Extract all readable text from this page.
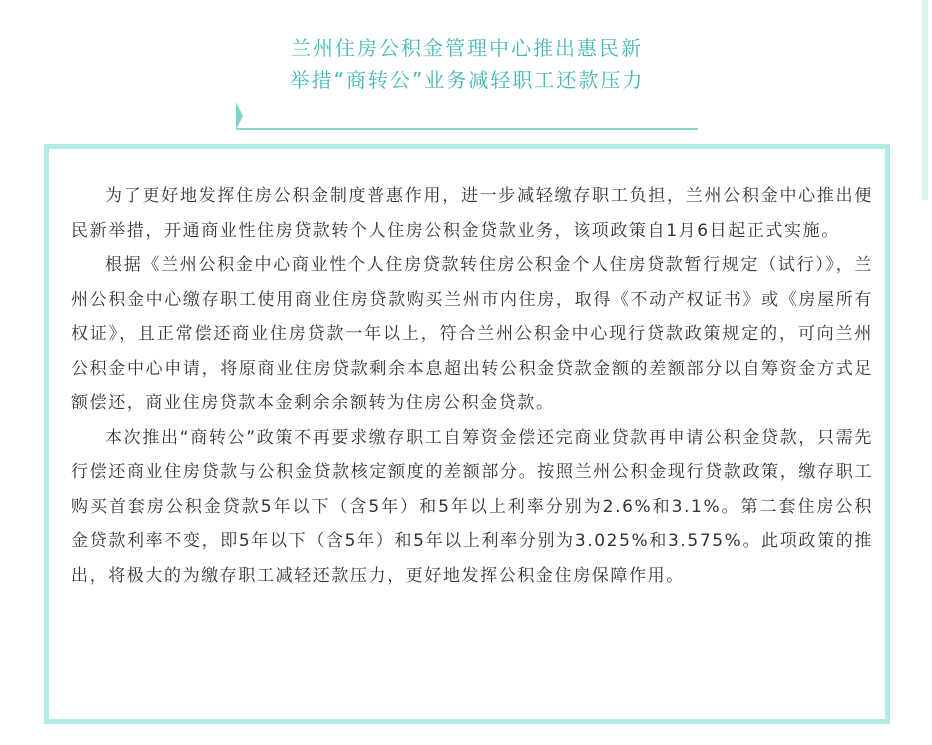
兰州住房公积金管理中心推出惠民新
举措“商转公”业务减轻职工还款压力

为了更好地发挥住房公积金制度普惠作用，进一步减轻缴存职工负担，兰州公积金中心推出便民新举措，开通商业性住房贷款转个人住房公积金贷款业务，该项政策自1月6日起正式实施。

根据《兰州公积金中心商业性个人住房贷款转住房公积金个人住房贷款暂行规定（试行）》，兰州公积金中心缴存职工使用商业住房贷款购买兰州市内住房，取得《不动产权证书》或《房屋所有权证》，且正常偿还商业住房贷款一年以上，符合兰州公积金中心现行贷款政策规定的，可向兰州公积金中心申请，将原商业住房贷款剩余本息超出转公积金贷款金额的差额部分以自筹资金方式足额偿还，商业住房贷款本金剩余余额转为住房公积金贷款。

本次推出“商转公”政策不再要求缴存职工自筹资金偿还完商业贷款再申请公积金贷款，只需先行偿还商业住房贷款与公积金贷款核定额度的差额部分。按照兰州公积金现行贷款政策，缴存职工购买首套房公积金贷款5年以下（含5年）和5年以上利率分别为2.6%和3.1%。第二套住房公积金贷款利率不变，即5年以下（含5年）和5年以上利率分别为3.025%和3.575%。此项政策的推出，将极大的为缴存职工减轻还款压力，更好地发挥公积金住房保障作用。
